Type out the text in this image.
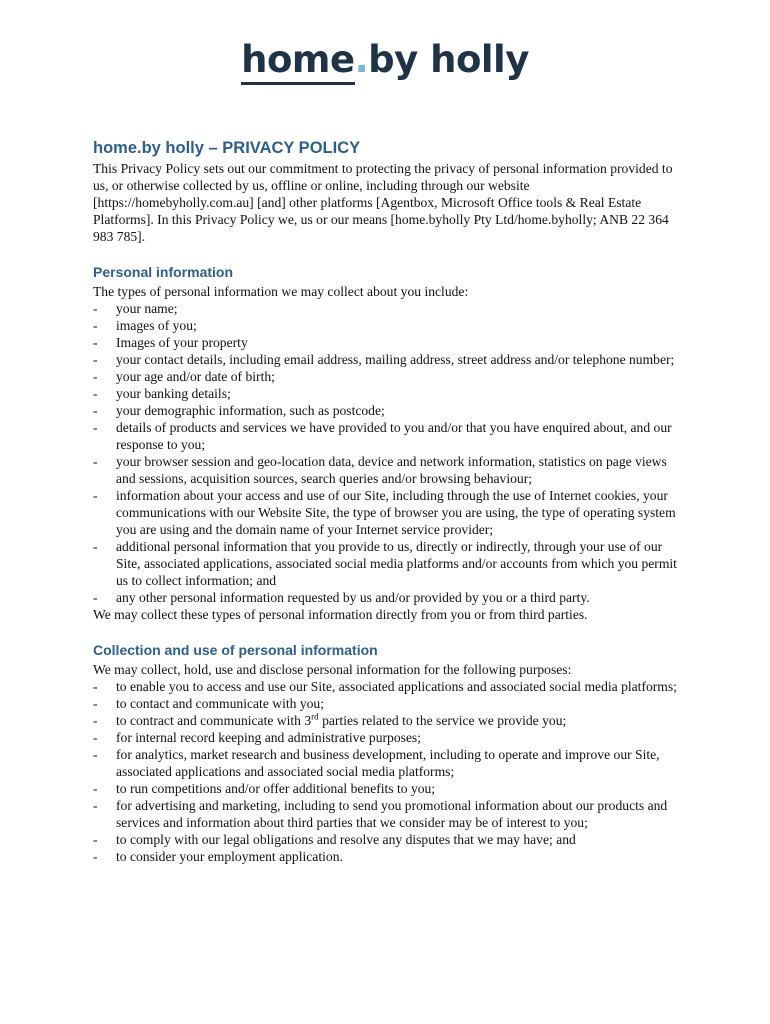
home.by holly
home.by holly – PRIVACY POLICY

This Privacy Policy sets out our commitment to protecting the privacy of personal information provided to us, or otherwise collected by us, offline or online, including through our website [https://homebyholly.com.au] [and] other platforms [Agentbox, Microsoft Office tools & Real Estate Platforms]. In this Privacy Policy we, us or our means [home.byholly Pty Ltd/home.byholly; ANB 22 364 983 785].

Personal information

The types of personal information we may collect about you include:

- your name;
- images of you;
- Images of your property
- your contact details, including email address, mailing address, street address and/or telephone number;
- your age and/or date of birth;
- your banking details;
- your demographic information, such as postcode;
- details of products and services we have provided to you and/or that you have enquired about, and our response to you;
- your browser session and geo-location data, device and network information, statistics on page views and sessions, acquisition sources, search queries and/or browsing behaviour;
- information about your access and use of our Site, including through the use of Internet cookies, your communications with our Website Site, the type of browser you are using, the type of operating system you are using and the domain name of your Internet service provider;
- additional personal information that you provide to us, directly or indirectly, through your use of our Site, associated applications, associated social media platforms and/or accounts from which you permit us to collect information; and
- any other personal information requested by us and/or provided by you or a third party.

We may collect these types of personal information directly from you or from third parties.

Collection and use of personal information

We may collect, hold, use and disclose personal information for the following purposes:

- to enable you to access and use our Site, associated applications and associated social media platforms;
- to contact and communicate with you;
- to contract and communicate with 3rd parties related to the service we provide you;
- for internal record keeping and administrative purposes;
- for analytics, market research and business development, including to operate and improve our Site, associated applications and associated social media platforms;
- to run competitions and/or offer additional benefits to you;
- for advertising and marketing, including to send you promotional information about our products and services and information about third parties that we consider may be of interest to you;
- to comply with our legal obligations and resolve any disputes that we may have; and
- to consider your employment application.
